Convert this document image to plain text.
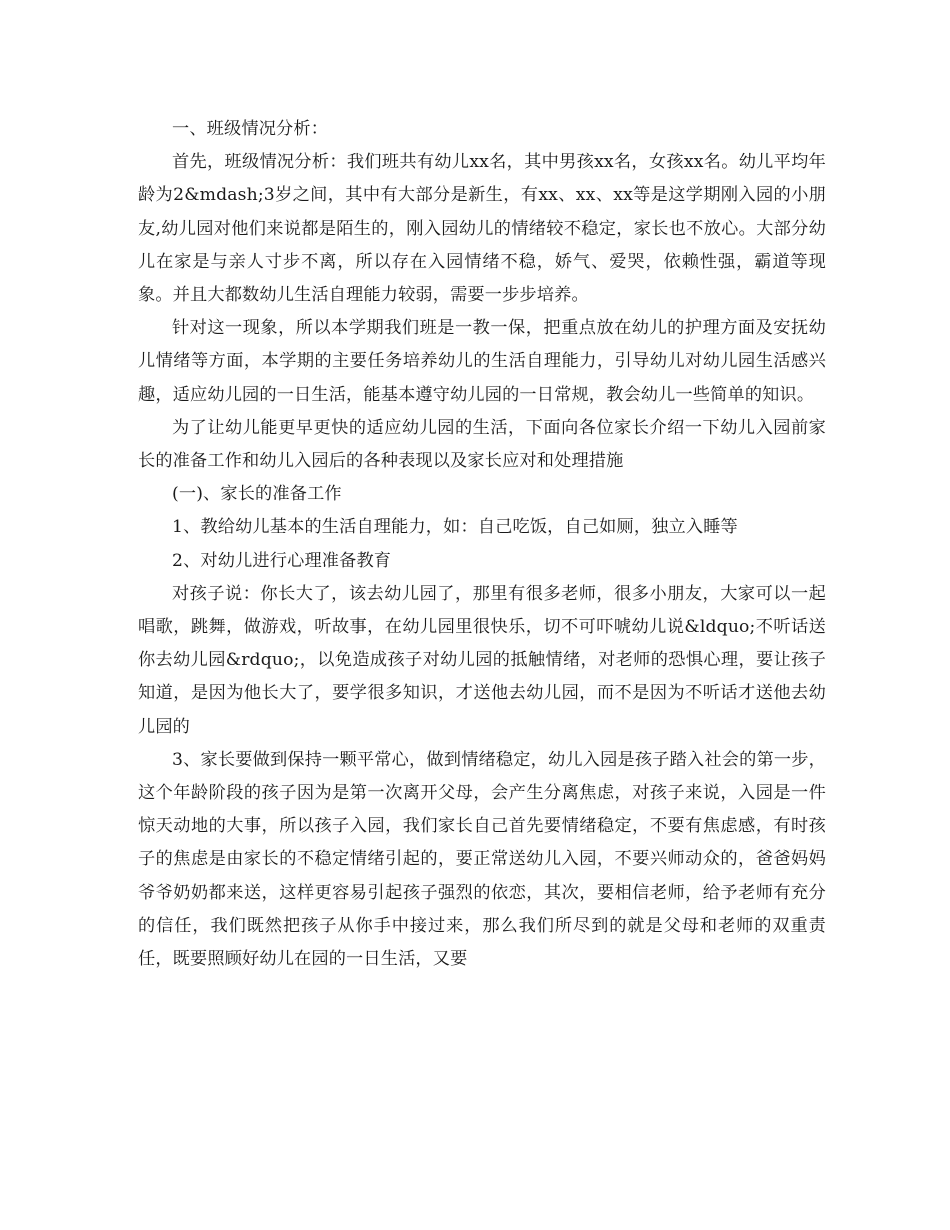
一、班级情况分析：

首先，班级情况分析：我们班共有幼儿xx名，其中男孩xx名，女孩xx名。幼儿平均年龄为2&mdash;3岁之间，其中有大部分是新生，有xx、xx、xx等是这学期刚入园的小朋友,幼儿园对他们来说都是陌生的，刚入园幼儿的情绪较不稳定，家长也不放心。大部分幼儿在家是与亲人寸步不离，所以存在入园情绪不稳，娇气、爱哭，依赖性强，霸道等现象。并且大都数幼儿生活自理能力较弱，需要一步步培养。

针对这一现象，所以本学期我们班是一教一保，把重点放在幼儿的护理方面及安抚幼儿情绪等方面，本学期的主要任务培养幼儿的生活自理能力，引导幼儿对幼儿园生活感兴趣，适应幼儿园的一日生活，能基本遵守幼儿园的一日常规，教会幼儿一些简单的知识。

为了让幼儿能更早更快的适应幼儿园的生活，下面向各位家长介绍一下幼儿入园前家长的准备工作和幼儿入园后的各种表现以及家长应对和处理措施

(一)、家长的准备工作

1、教给幼儿基本的生活自理能力，如：自己吃饭，自己如厕，独立入睡等

2、对幼儿进行心理准备教育

对孩子说：你长大了，该去幼儿园了，那里有很多老师，很多小朋友，大家可以一起唱歌，跳舞，做游戏，听故事，在幼儿园里很快乐，切不可吓唬幼儿说&ldquo;不听话送你去幼儿园&rdquo;，以免造成孩子对幼儿园的抵触情绪，对老师的恐惧心理，要让孩子知道，是因为他长大了，要学很多知识，才送他去幼儿园，而不是因为不听话才送他去幼儿园的

3、家长要做到保持一颗平常心，做到情绪稳定，幼儿入园是孩子踏入社会的第一步，这个年龄阶段的孩子因为是第一次离开父母，会产生分离焦虑，对孩子来说，入园是一件惊天动地的大事，所以孩子入园，我们家长自己首先要情绪稳定，不要有焦虑感，有时孩子的焦虑是由家长的不稳定情绪引起的，要正常送幼儿入园，不要兴师动众的，爸爸妈妈爷爷奶奶都来送，这样更容易引起孩子强烈的依恋，其次，要相信老师，给予老师有充分的信任，我们既然把孩子从你手中接过来，那么我们所尽到的就是父母和老师的双重责任，既要照顾好幼儿在园的一日生活，又要
